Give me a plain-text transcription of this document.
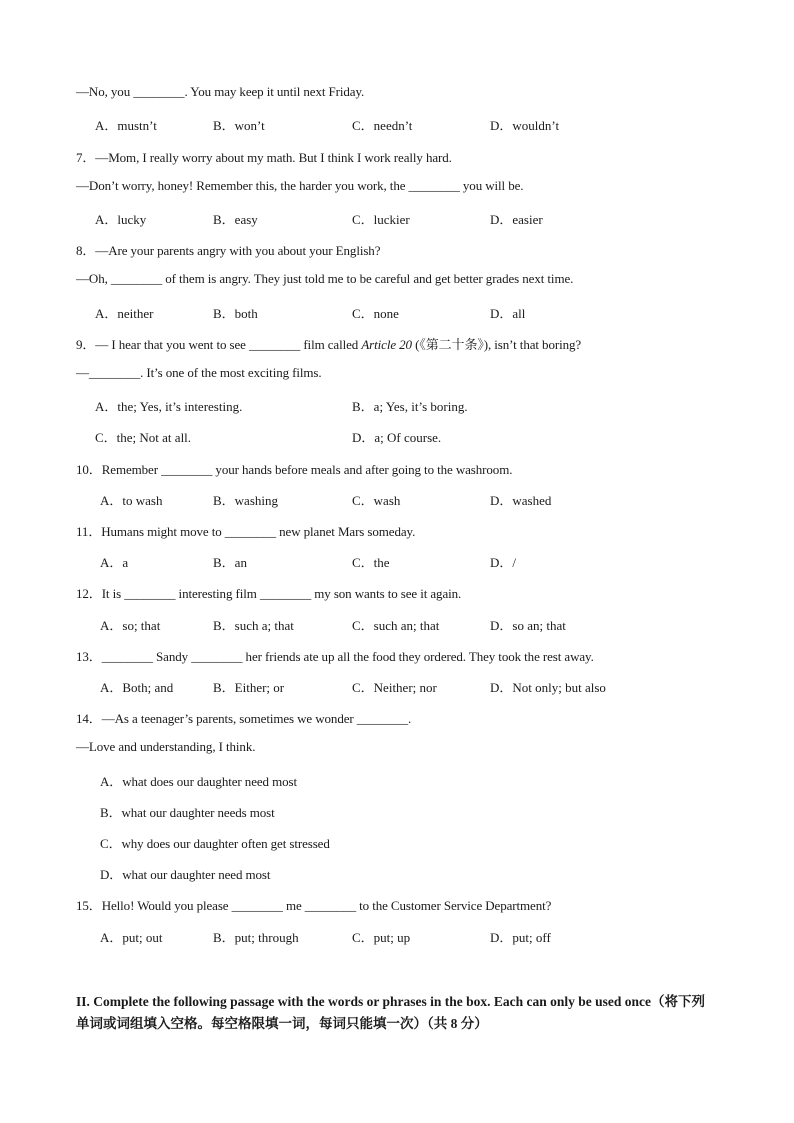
—No, you ________. You may keep it until next Friday.
A．mustn’t	B．won’t	C．needn’t	D．wouldn’t
7．—Mom, I really worry about my math. But I think I work really hard.
—Don’t worry, honey! Remember this, the harder you work, the ________ you will be.
A．lucky	B．easy	C．luckier	D．easier
8．—Are your parents angry with you about your English?
—Oh, ________ of them is angry. They just told me to be careful and get better grades next time.
A．neither	B．both	C．none	D．all
9．— I hear that you went to see ________ film called Article 20 (《第二十条》), isn’t that boring?
—________. It’s one of the most exciting films.
A．the; Yes, it’s interesting.	B．a; Yes, it’s boring.
C．the; Not at all.	D．a; Of course.
10．Remember ________ your hands before meals and after going to the washroom.
A．to wash	B．washing	C．wash	D．washed
11．Humans might move to ________ new planet Mars someday.
A．a	B．an	C．the	D．/
12．It is ________ interesting film ________ my son wants to see it again.
A．so; that	B．such a; that	C．such an; that	D．so an; that
13．________ Sandy ________ her friends ate up all the food they ordered. They took the rest away.
A．Both; and	B．Either; or	C．Neither; nor	D．Not only; but also
14．—As a teenager’s parents, sometimes we wonder ________.
—Love and understanding, I think.
A．what does our daughter need most
B．what our daughter needs most
C．why does our daughter often get stressed
D．what our daughter need most
15．Hello! Would you please ________ me ________ to the Customer Service Department?
A．put; out	B．put; through	C．put; up	D．put; off
II. Complete the following passage with the words or phrases in the box. Each can only be used once（将下列单词或词组填入空格。每空格限填一词，每词只能填一次）（共 8 分）
